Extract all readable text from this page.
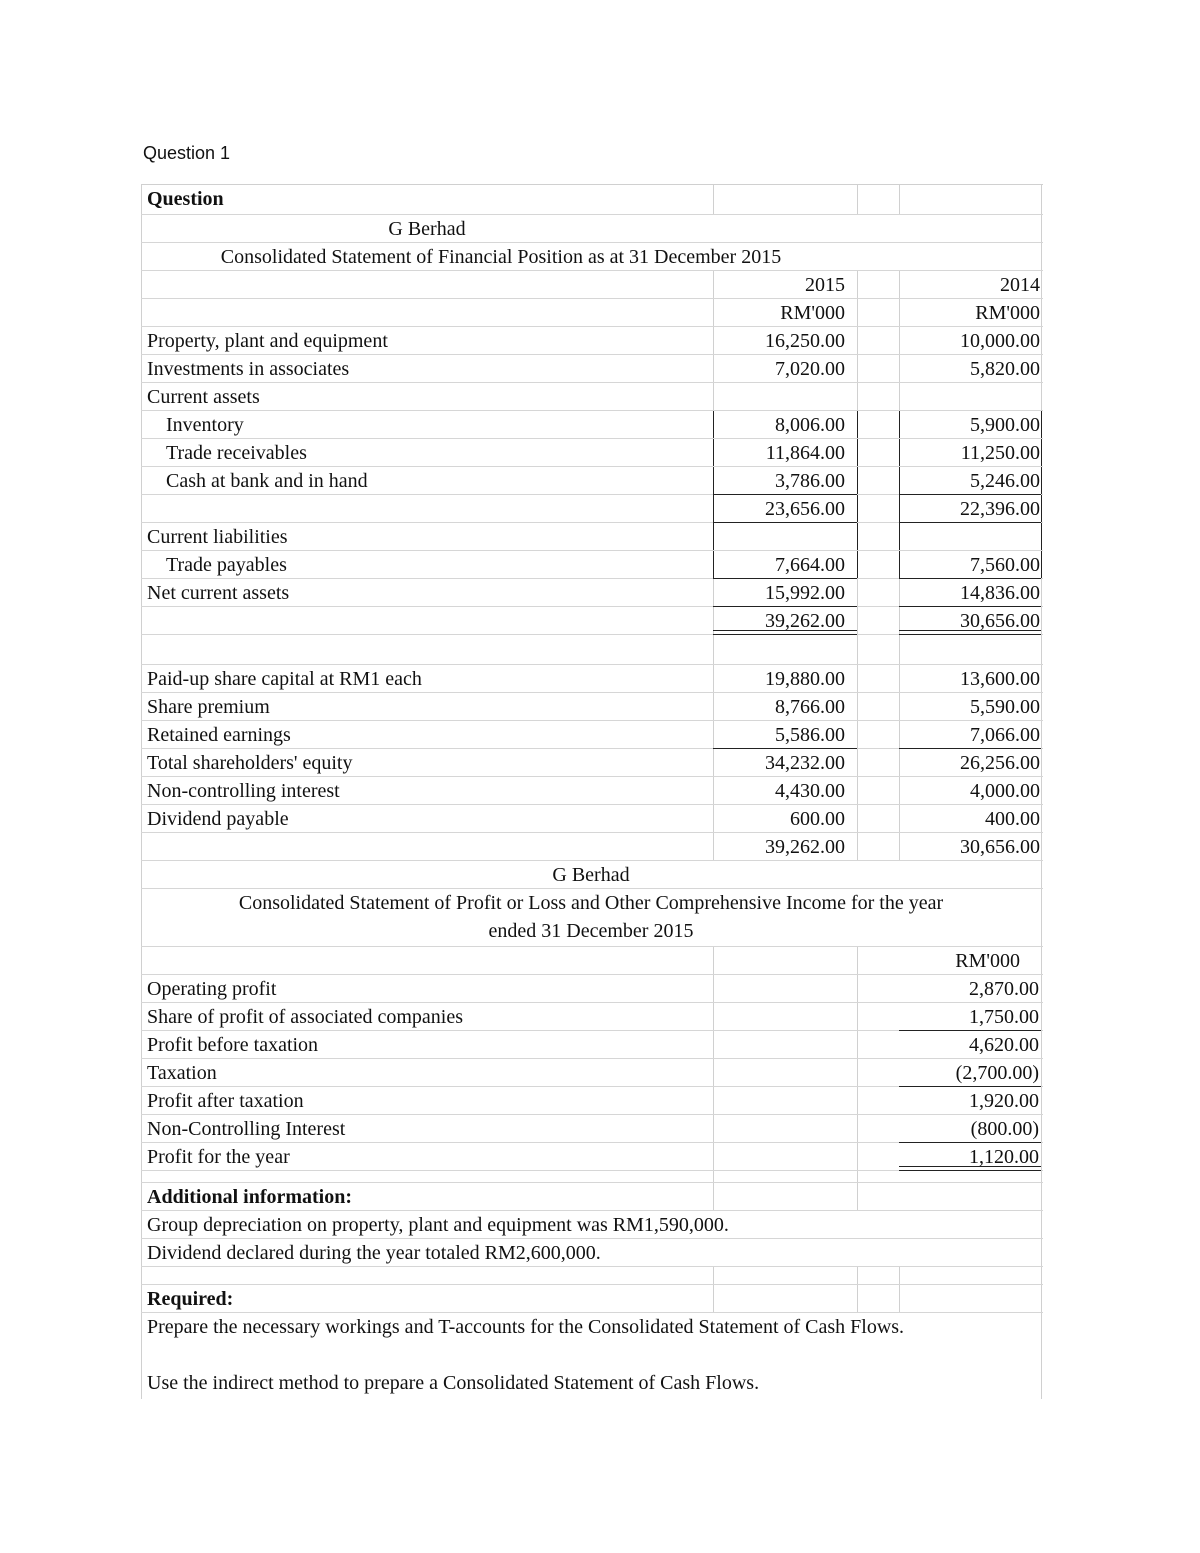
Question 1
Question
G Berhad
Consolidated Statement of Financial Position as at 31 December 2015
2015	2014
RM'000	RM'000
Property, plant and equipment	16,250.00	10,000.00
Investments in associates	7,020.00	5,820.00
Current assets
Inventory	8,006.00	5,900.00
Trade receivables	11,864.00	11,250.00
Cash at bank and in hand	3,786.00	5,246.00
23,656.00	22,396.00
Current liabilities
Trade payables	7,664.00	7,560.00
Net current assets	15,992.00	14,836.00
39,262.00	30,656.00
Paid-up share capital at RM1 each	19,880.00	13,600.00
Share premium	8,766.00	5,590.00
Retained earnings	5,586.00	7,066.00
Total shareholders' equity	34,232.00	26,256.00
Non-controlling interest	4,430.00	4,000.00
Dividend payable	600.00	400.00
39,262.00	30,656.00
G Berhad
Consolidated Statement of Profit or Loss and Other Comprehensive Income for the year
ended 31 December 2015
RM'000
Operating profit	2,870.00
Share of profit of associated companies	1,750.00
Profit before taxation	4,620.00
Taxation	(2,700.00)
Profit after taxation	1,920.00
Non-Controlling Interest	(800.00)
Profit for the year	1,120.00
Additional information:
Group depreciation on property, plant and equipment was RM1,590,000.
Dividend declared during the year totaled RM2,600,000.
Required:
Prepare the necessary workings and T-accounts for the Consolidated Statement of Cash Flows.
Use the indirect method to prepare a Consolidated Statement of Cash Flows.
